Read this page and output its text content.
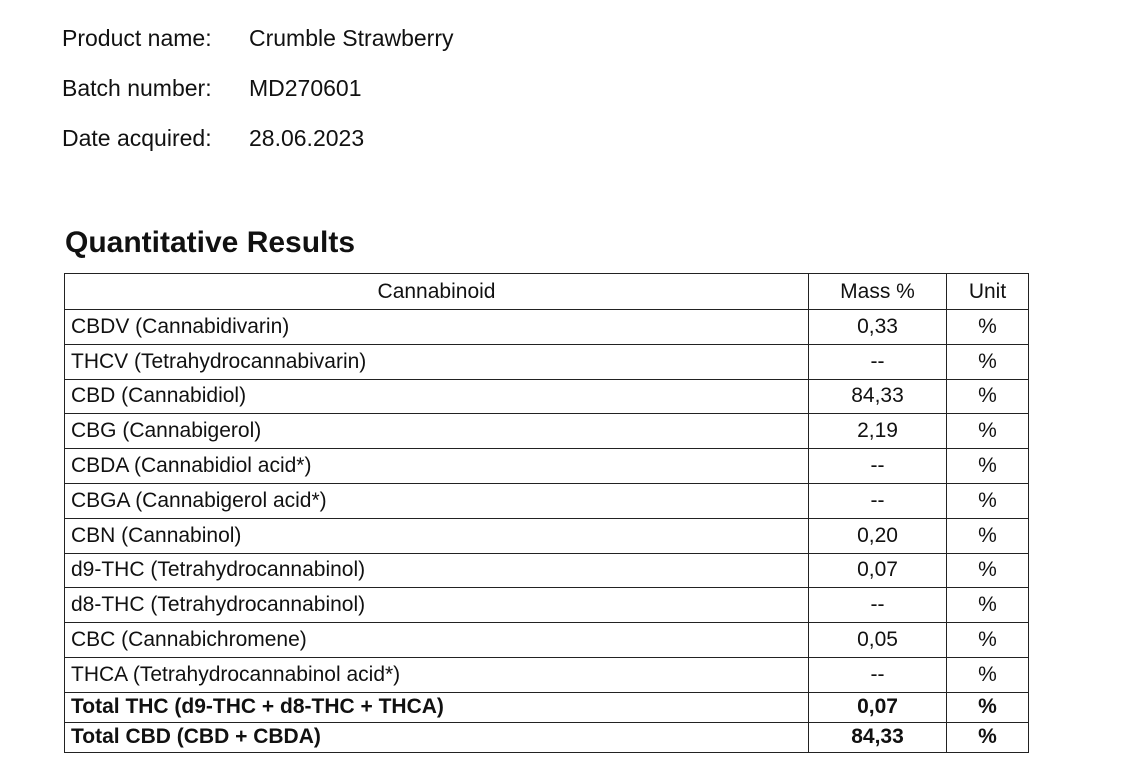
Product name: Crumble Strawberry
Batch number: MD270601
Date acquired: 28.06.2023
Quantitative Results
Cannabinoid	Mass %	Unit
CBDV (Cannabidivarin)	0,33	%
THCV (Tetrahydrocannabivarin)	--	%
CBD (Cannabidiol)	84,33	%
CBG (Cannabigerol)	2,19	%
CBDA (Cannabidiol acid*)	--	%
CBGA (Cannabigerol acid*)	--	%
CBN (Cannabinol)	0,20	%
d9-THC (Tetrahydrocannabinol)	0,07	%
d8-THC (Tetrahydrocannabinol)	--	%
CBC (Cannabichromene)	0,05	%
THCA (Tetrahydrocannabinol acid*)	--	%
Total THC (d9-THC + d8-THC + THCA)	0,07	%
Total CBD (CBD + CBDA)	84,33	%
